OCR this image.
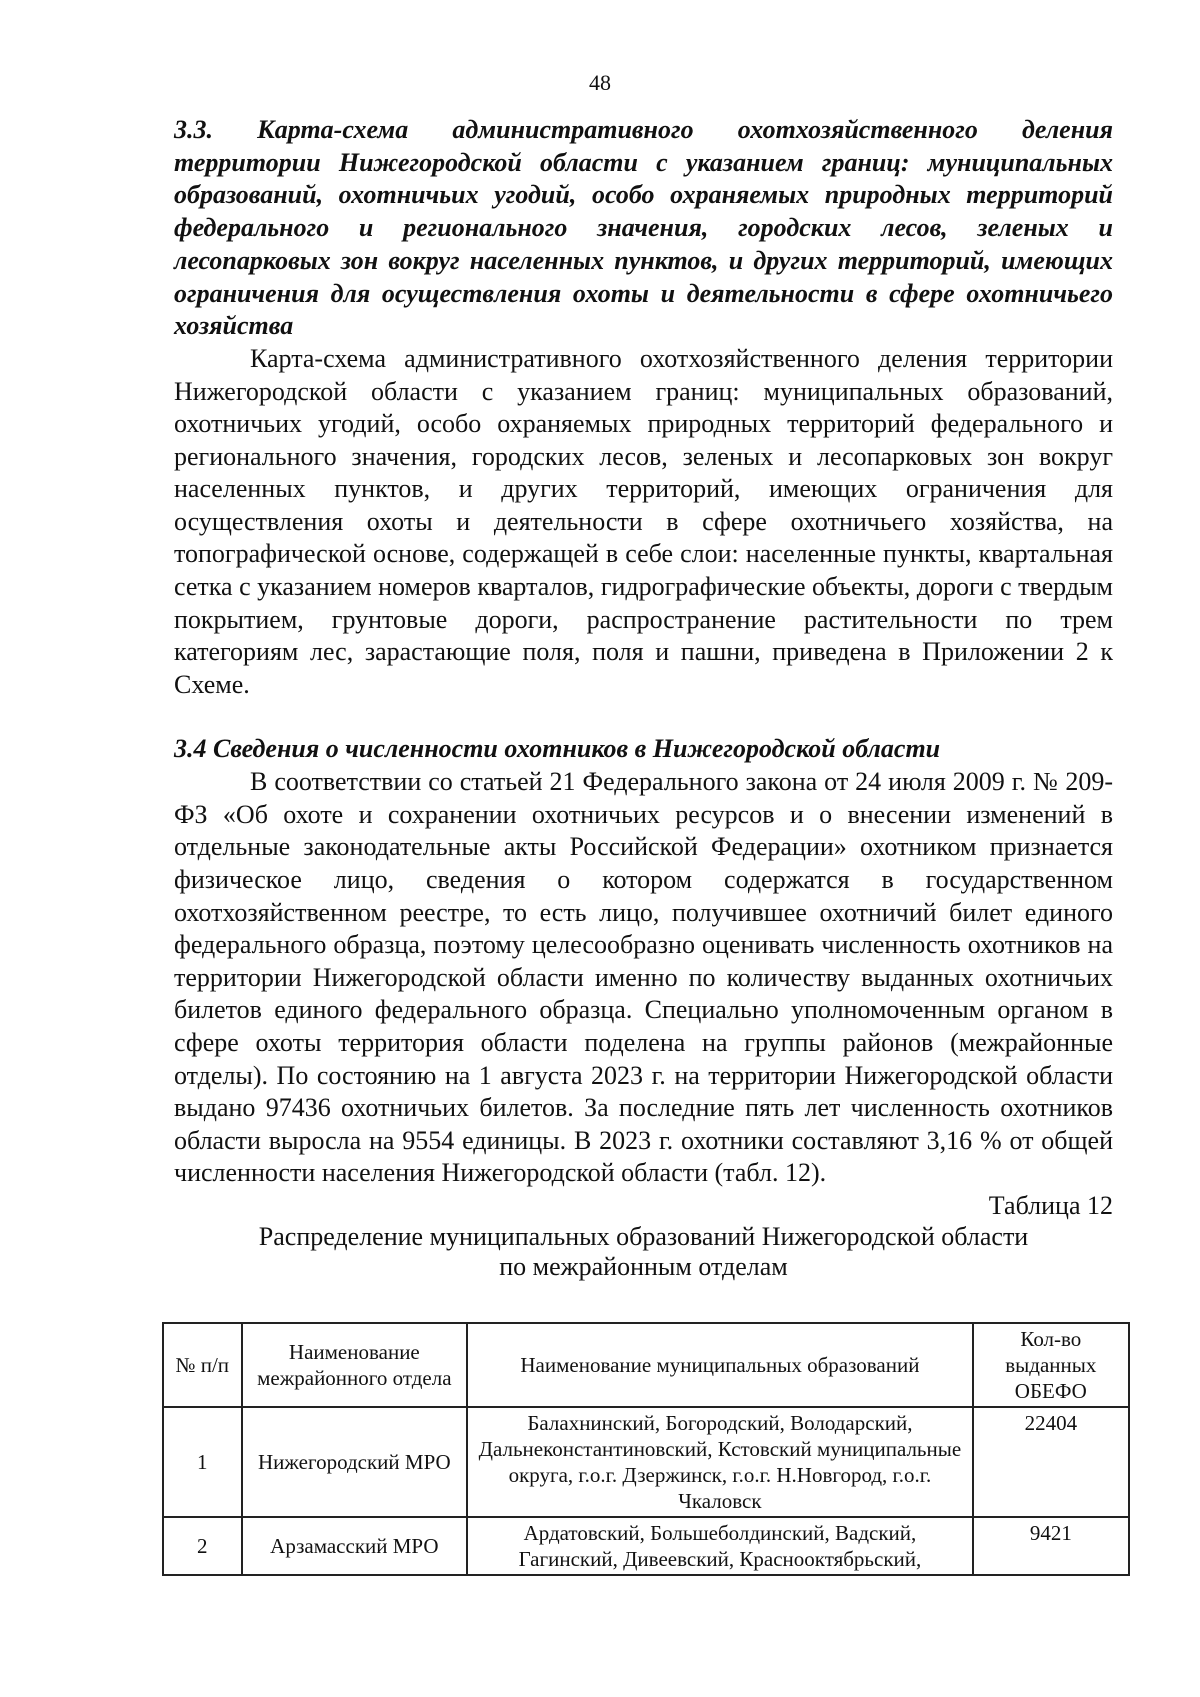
48

3.3. Карта-схема административного охотхозяйственного деления территории Нижегородской области с указанием границ: муниципальных образований, охотничьих угодий, особо охраняемых природных территорий федерального и регионального значения, городских лесов, зеленых и лесопарковых зон вокруг населенных пунктов, и других территорий, имеющих ограничения для осуществления охоты и деятельности в сфере охотничьего хозяйства

Карта-схема административного охотхозяйственного деления территории Нижегородской области с указанием границ: муниципальных образований, охотничьих угодий, особо охраняемых природных территорий федерального и регионального значения, городских лесов, зеленых и лесопарковых зон вокруг населенных пунктов, и других территорий, имеющих ограничения для осуществления охоты и деятельности в сфере охотничьего хозяйства, на топографической основе, содержащей в себе слои: населенные пункты, квартальная сетка с указанием номеров кварталов, гидрографические объекты, дороги с твердым покрытием, грунтовые дороги, распространение растительности по трем категориям лес, зарастающие поля, поля и пашни, приведена в Приложении 2 к Схеме.

3.4 Сведения о численности охотников в Нижегородской области

В соответствии со статьей 21 Федерального закона от 24 июля 2009 г. № 209-ФЗ «Об охоте и сохранении охотничьих ресурсов и о внесении изменений в отдельные законодательные акты Российской Федерации» охотником признается физическое лицо, сведения о котором содержатся в государственном охотхозяйственном реестре, то есть лицо, получившее охотничий билет единого федерального образца, поэтому целесообразно оценивать численность охотников на территории Нижегородской области именно по количеству выданных охотничьих билетов единого федерального образца. Специально уполномоченным органом в сфере охоты территория области поделена на группы районов (межрайонные отделы). По состоянию на 1 августа 2023 г. на территории Нижегородской области выдано 97436 охотничьих билетов. За последние пять лет численность охотников области выросла на 9554 единицы. В 2023 г. охотники составляют 3,16 % от общей численности населения Нижегородской области (табл. 12).

Таблица 12

Распределение муниципальных образований Нижегородской области

по межрайонным отделам

№ п/п	Наименование межрайонного отдела	Наименование муниципальных образований	Кол-во выданных ОБЕФО
1	Нижегородский МРО	Балахнинский, Богородский, Володарский, Дальнеконстантиновский, Кстовский муниципальные округа, г.о.г. Дзержинск, г.о.г. Н.Новгород, г.о.г. Чкаловск	22404
2	Арзамасский МРО	Ардатовский, Большеболдинский, Вадский, Гагинский, Дивеевский, Краснооктябрьский,	9421
